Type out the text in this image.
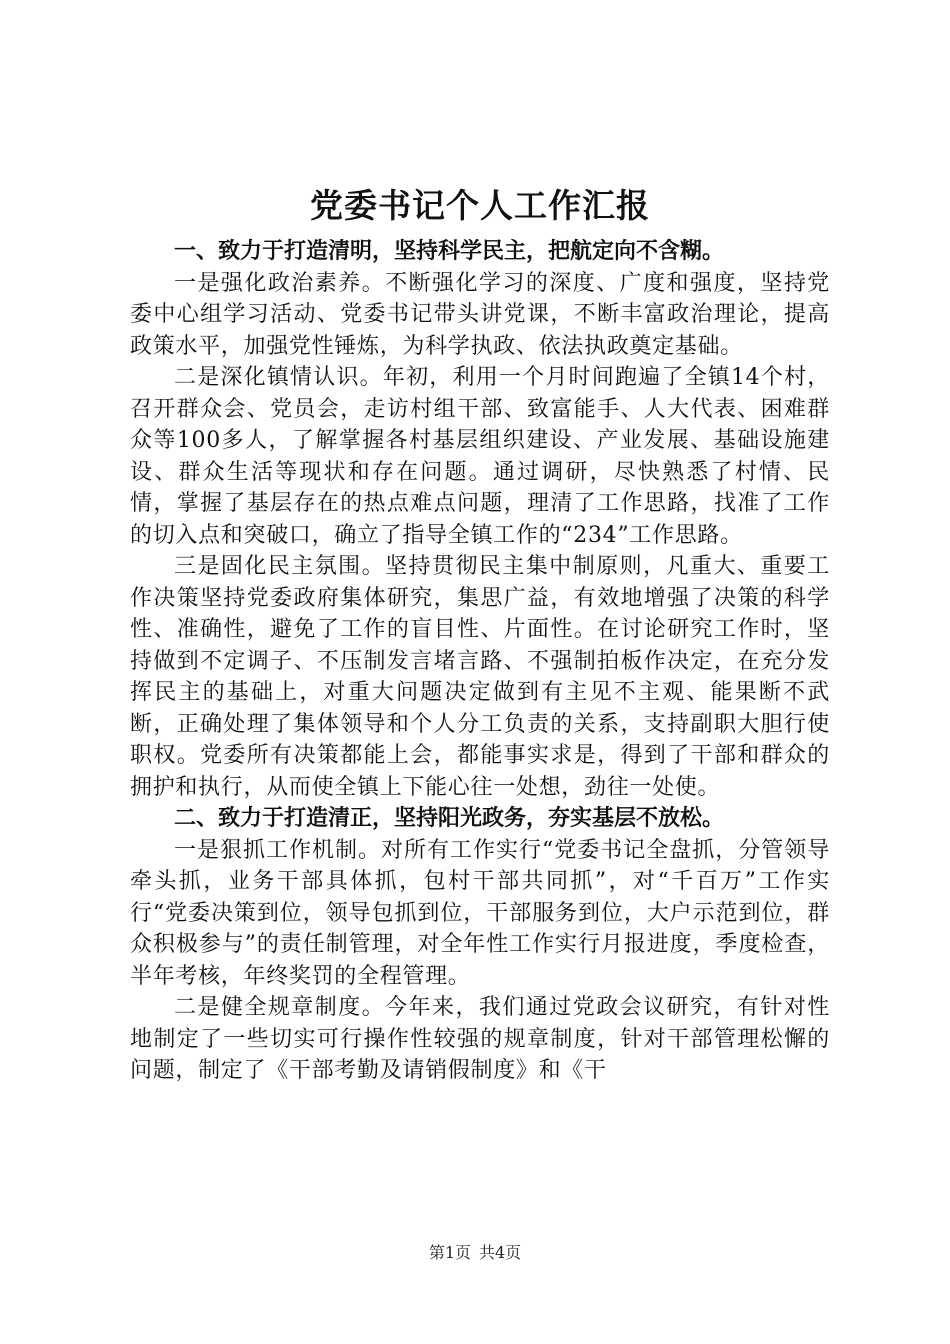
党委书记个人工作汇报

一、致力于打造清明，坚持科学民主，把航定向不含糊。

一是强化政治素养。不断强化学习的深度、广度和强度，坚持党委中心组学习活动、党委书记带头讲党课，不断丰富政治理论，提高政策水平，加强党性锤炼，为科学执政、依法执政奠定基础。

二是深化镇情认识。年初，利用一个月时间跑遍了全镇14个村，召开群众会、党员会，走访村组干部、致富能手、人大代表、困难群众等100多人，了解掌握各村基层组织建设、产业发展、基础设施建设、群众生活等现状和存在问题。通过调研，尽快熟悉了村情、民情，掌握了基层存在的热点难点问题，理清了工作思路，找准了工作的切入点和突破口，确立了指导全镇工作的“234”工作思路。

三是固化民主氛围。坚持贯彻民主集中制原则，凡重大、重要工作决策坚持党委政府集体研究，集思广益，有效地增强了决策的科学性、准确性，避免了工作的盲目性、片面性。在讨论研究工作时，坚持做到不定调子、不压制发言堵言路、不强制拍板作决定，在充分发挥民主的基础上，对重大问题决定做到有主见不主观、能果断不武断，正确处理了集体领导和个人分工负责的关系，支持副职大胆行使职权。党委所有决策都能上会，都能事实求是，得到了干部和群众的拥护和执行，从而使全镇上下能心往一处想，劲往一处使。

二、致力于打造清正，坚持阳光政务，夯实基层不放松。

一是狠抓工作机制。对所有工作实行“党委书记全盘抓，分管领导牵头抓，业务干部具体抓，包村干部共同抓”，对“千百万”工作实行“党委决策到位，领导包抓到位，干部服务到位，大户示范到位，群众积极参与”的责任制管理，对全年性工作实行月报进度，季度检查，半年考核，年终奖罚的全程管理。

二是健全规章制度。今年来，我们通过党政会议研究，有针对性地制定了一些切实可行操作性较强的规章制度，针对干部管理松懈的问题，制定了《干部考勤及请销假制度》和《干

第1页 共4页
